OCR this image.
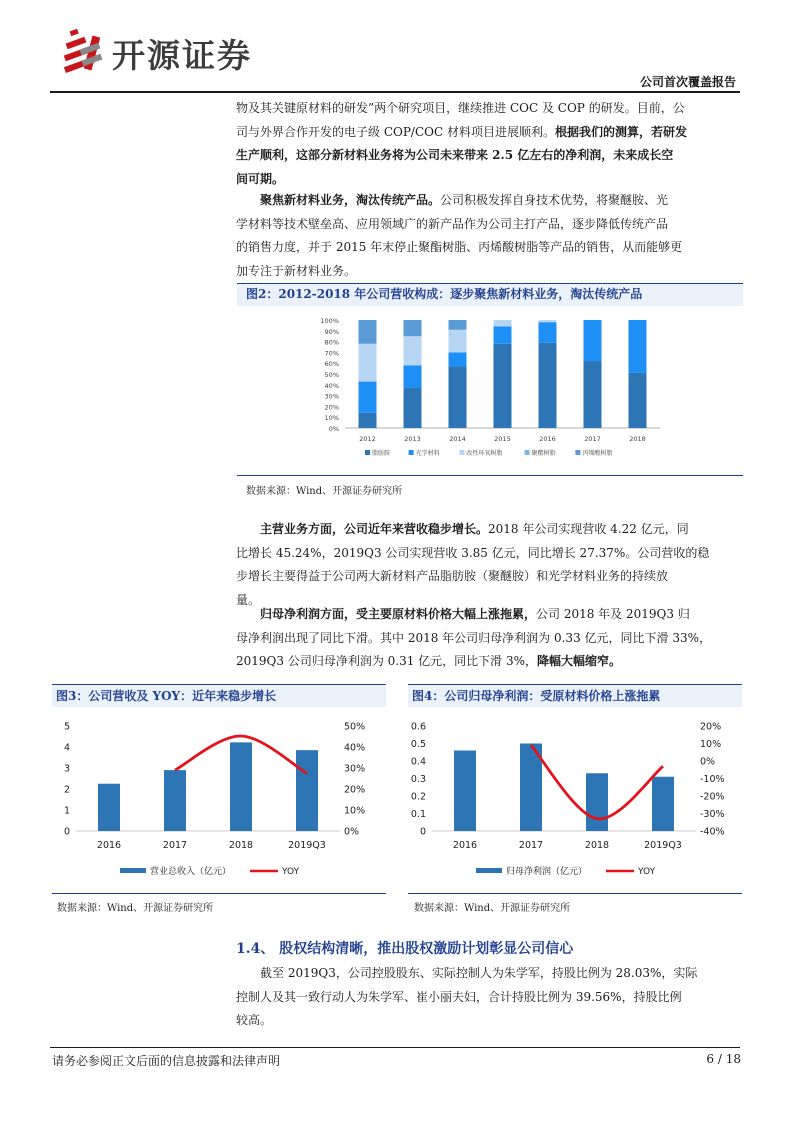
开源证券
公司首次覆盖报告
物及其关键原材料的研发”两个研究项目，继续推进 COC 及 COP 的研发。目前，公
司与外界合作开发的电子级 COP/COC 材料项目进展顺利。根据我们的测算，若研发
生产顺利，这部分新材料业务将为公司未来带来 2.5 亿左右的净利润，未来成长空
间可期。
聚焦新材料业务，淘汰传统产品。公司积极发挥自身技术优势，将聚醚胺、光
学材料等技术壁垒高、应用领域广的新产品作为公司主打产品，逐步降低传统产品
的销售力度，并于 2015 年末停止聚酯树脂、丙烯酸树脂等产品的销售，从而能够更
加专注于新材料业务。
图2：2012-2018 年公司营收构成：逐步聚焦新材料业务，淘汰传统产品
0%
10%
20%
30%
40%
50%
60%
70%
80%
90%
100%
2012	2013	2014	2015	2016	2017	2018
脂肪胺	光学材料	改性环氧树脂	聚酯树脂	丙烯酸树脂
数据来源：Wind、开源证券研究所
主营业务方面，公司近年来营收稳步增长。2018 年公司实现营收 4.22 亿元，同
比增长 45.24%，2019Q3 公司实现营收 3.85 亿元，同比增长 27.37%。公司营收的稳
步增长主要得益于公司两大新材料产品脂肪胺（聚醚胺）和光学材料业务的持续放
量。
归母净利润方面，受主要原材料价格大幅上涨拖累，公司 2018 年及 2019Q3 归
母净利润出现了同比下滑。其中 2018 年公司归母净利润为 0.33 亿元，同比下滑 33%，
2019Q3 公司归母净利润为 0.31 亿元，同比下滑 3%，降幅大幅缩窄。
图3：公司营收及 YOY：近年来稳步增长
0
1
2
3
4
5
0%
10%
20%
30%
40%
50%
2016	2017	2018	2019Q3
营业总收入（亿元）	YOY
数据来源：Wind、开源证券研究所
图4：公司归母净利润：受原材料价格上涨拖累
0
0.1
0.2
0.3
0.4
0.5
0.6
-40%
-30%
-20%
-10%
0%
10%
20%
2016	2017	2018	2019Q3
归母净利润（亿元）	YOY
数据来源：Wind、开源证券研究所
1.4、 股权结构清晰，推出股权激励计划彰显公司信心
截至 2019Q3，公司控股股东、实际控制人为朱学军，持股比例为 28.03%，实际
控制人及其一致行动人为朱学军、崔小丽夫妇，合计持股比例为 39.56%，持股比例
较高。
请务必参阅正文后面的信息披露和法律声明	6 / 18
